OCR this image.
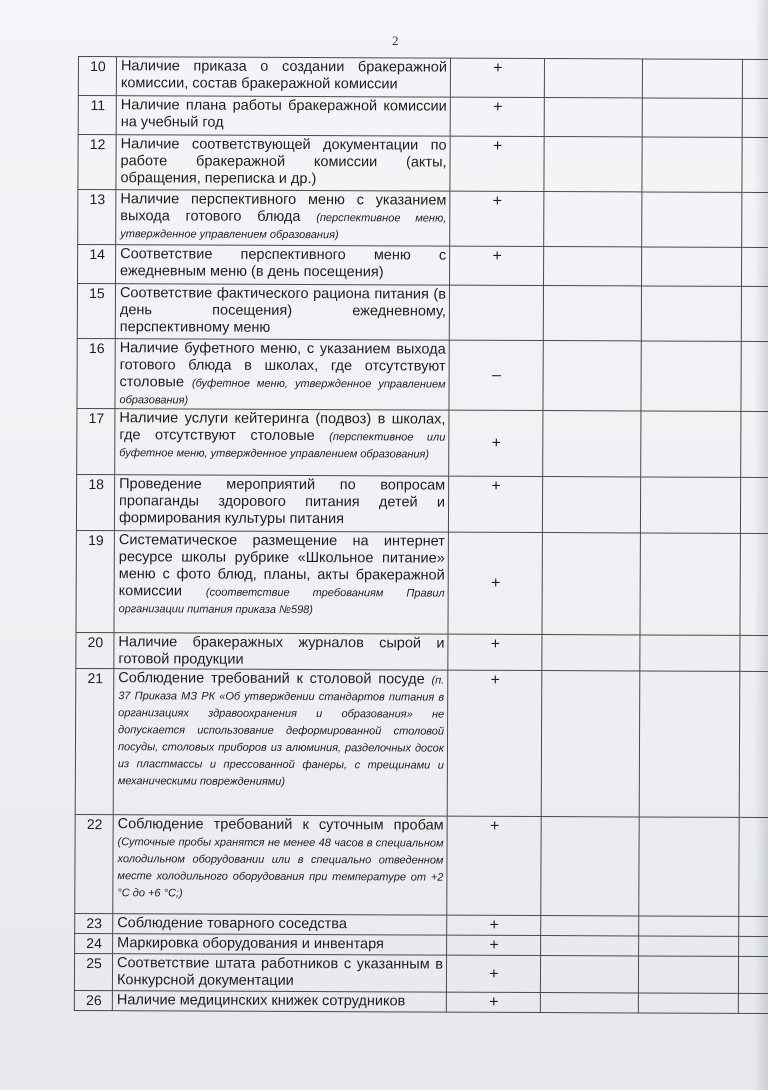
2
10	Наличие приказа о создании бракеражной комиссии, состав бракеражной комиссии	+			
11	Наличие плана работы бракеражной комиссии на учебный год	+			
12	Наличие соответствующей документации по работе бракеражной комиссии (акты, обращения, переписка и др.)	+			
13	Наличие перспективного меню с указанием выхода готового блюда (перспективное меню, утвержденное управлением образования)	+			
14	Соответствие перспективного меню с ежедневным меню (в день посещения)	+			
15	Соответствие фактического рациона питания (в день посещения) ежедневному, перспективному меню				
16	Наличие буфетного меню, с указанием выхода готового блюда в школах, где отсутствуют столовые (буфетное меню, утвержденное управлением образования)	–			
17	Наличие услуги кейтеринга (подвоз) в школах, где отсутствуют столовые (перспективное или буфетное меню, утвержденное управлением образования)	+			
18	Проведение мероприятий по вопросам пропаганды здорового питания детей и формирования культуры питания	+			
19	Систематическое размещение на интернет ресурсе школы рубрике «Школьное питание» меню с фото блюд, планы, акты бракеражной комиссии (соответствие требованиям Правил организации питания приказа №598)	+			
20	Наличие бракеражных журналов сырой и готовой продукции	+			
21	Соблюдение требований к столовой посуде (п. 37 Приказа МЗ РК «Об утверждении стандартов питания в организациях здравоохранения и образования» не допускается использование деформированной столовой посуды, столовых приборов из алюминия, разделочных досок из пластмассы и прессованной фанеры, с трещинами и механическими повреждениями)	+			
22	Соблюдение требований к суточным пробам (Суточные пробы хранятся не менее 48 часов в специальном холодильном оборудовании или в специально отведенном месте холодильного оборудования при температуре от +2 °С до +6 °С;)	+			
23	Соблюдение товарного соседства	+			
24	Маркировка оборудования и инвентаря	+			
25	Соответствие штата работников с указанным в Конкурсной документации	+			
26	Наличие медицинских книжек сотрудников	+			
